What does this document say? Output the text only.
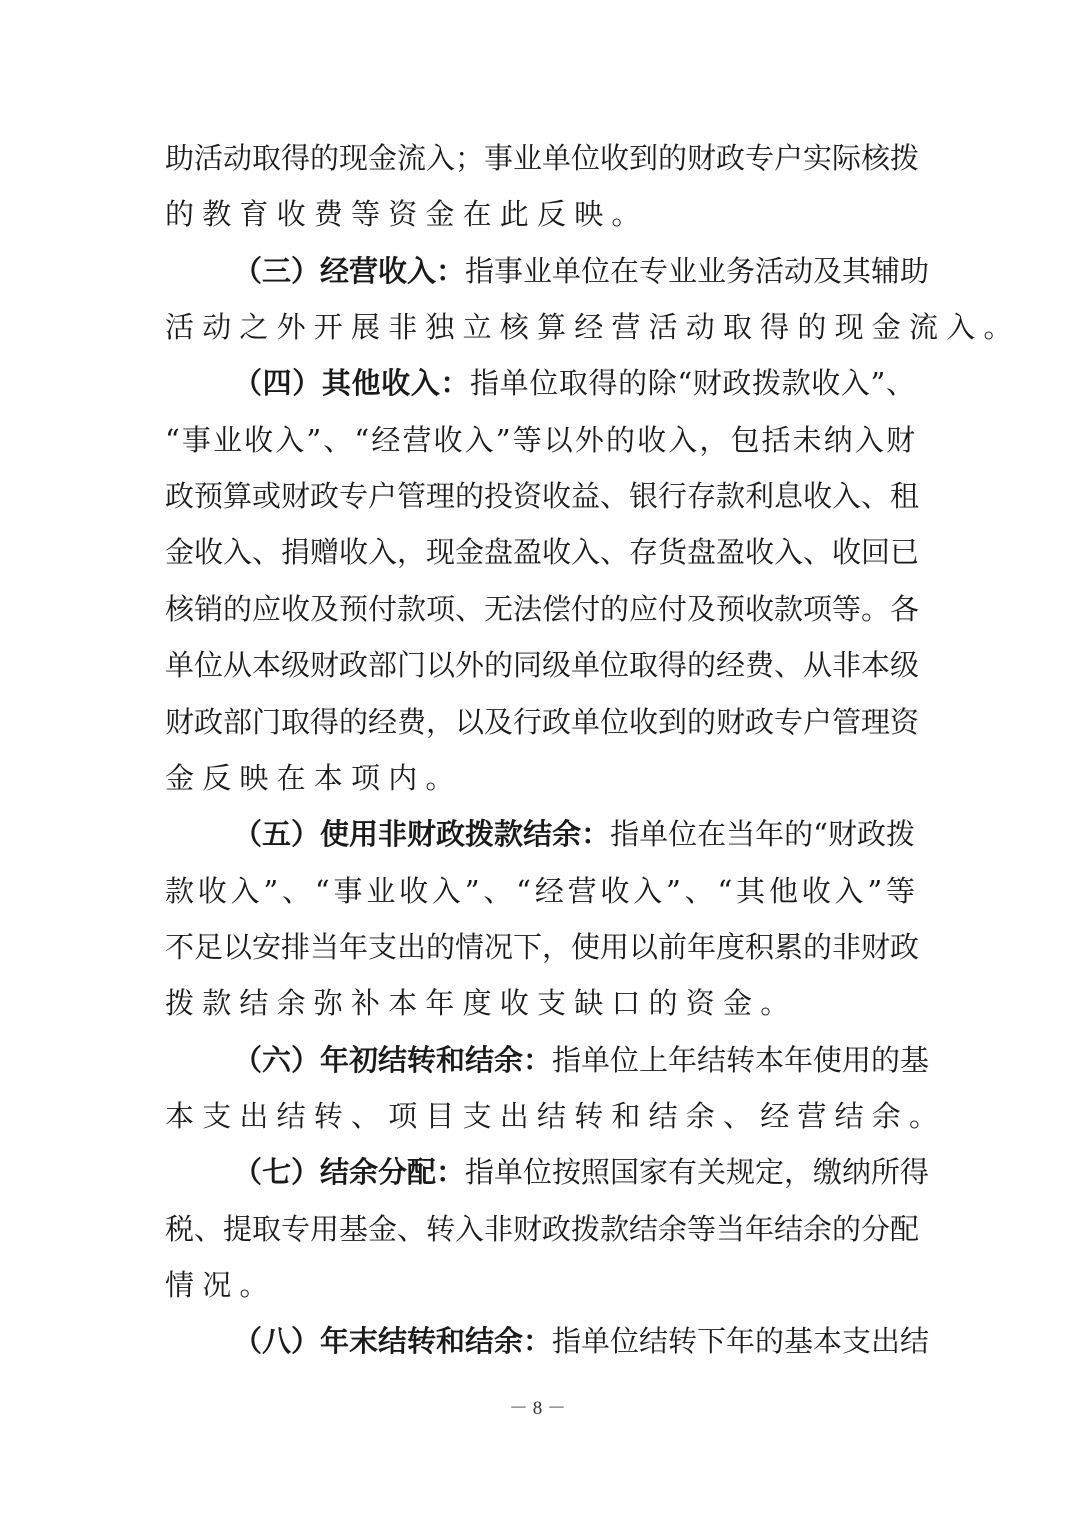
助活动取得的现金流入；事业单位收到的财政专户实际核拨
的教育收费等资金在此反映。
（三）经营收入：指事业单位在专业业务活动及其辅助
活动之外开展非独立核算经营活动取得的现金流入。
（四）其他收入：指单位取得的除“财政拨款收入”、
“事业收入”、“经营收入”等以外的收入，包括未纳入财
政预算或财政专户管理的投资收益、银行存款利息收入、租
金收入、捐赠收入，现金盘盈收入、存货盘盈收入、收回已
核销的应收及预付款项、无法偿付的应付及预收款项等。各
单位从本级财政部门以外的同级单位取得的经费、从非本级
财政部门取得的经费，以及行政单位收到的财政专户管理资
金反映在本项内。
（五）使用非财政拨款结余：指单位在当年的“财政拨
款收入”、“事业收入”、“经营收入”、“其他收入”等
不足以安排当年支出的情况下，使用以前年度积累的非财政
拨款结余弥补本年度收支缺口的资金。
（六）年初结转和结余：指单位上年结转本年使用的基
本支出结转、项目支出结转和结余、经营结余。
（七）结余分配：指单位按照国家有关规定，缴纳所得
税、提取专用基金、转入非财政拨款结余等当年结余的分配
情况。
（八）年末结转和结余：指单位结转下年的基本支出结
－ 8 －
